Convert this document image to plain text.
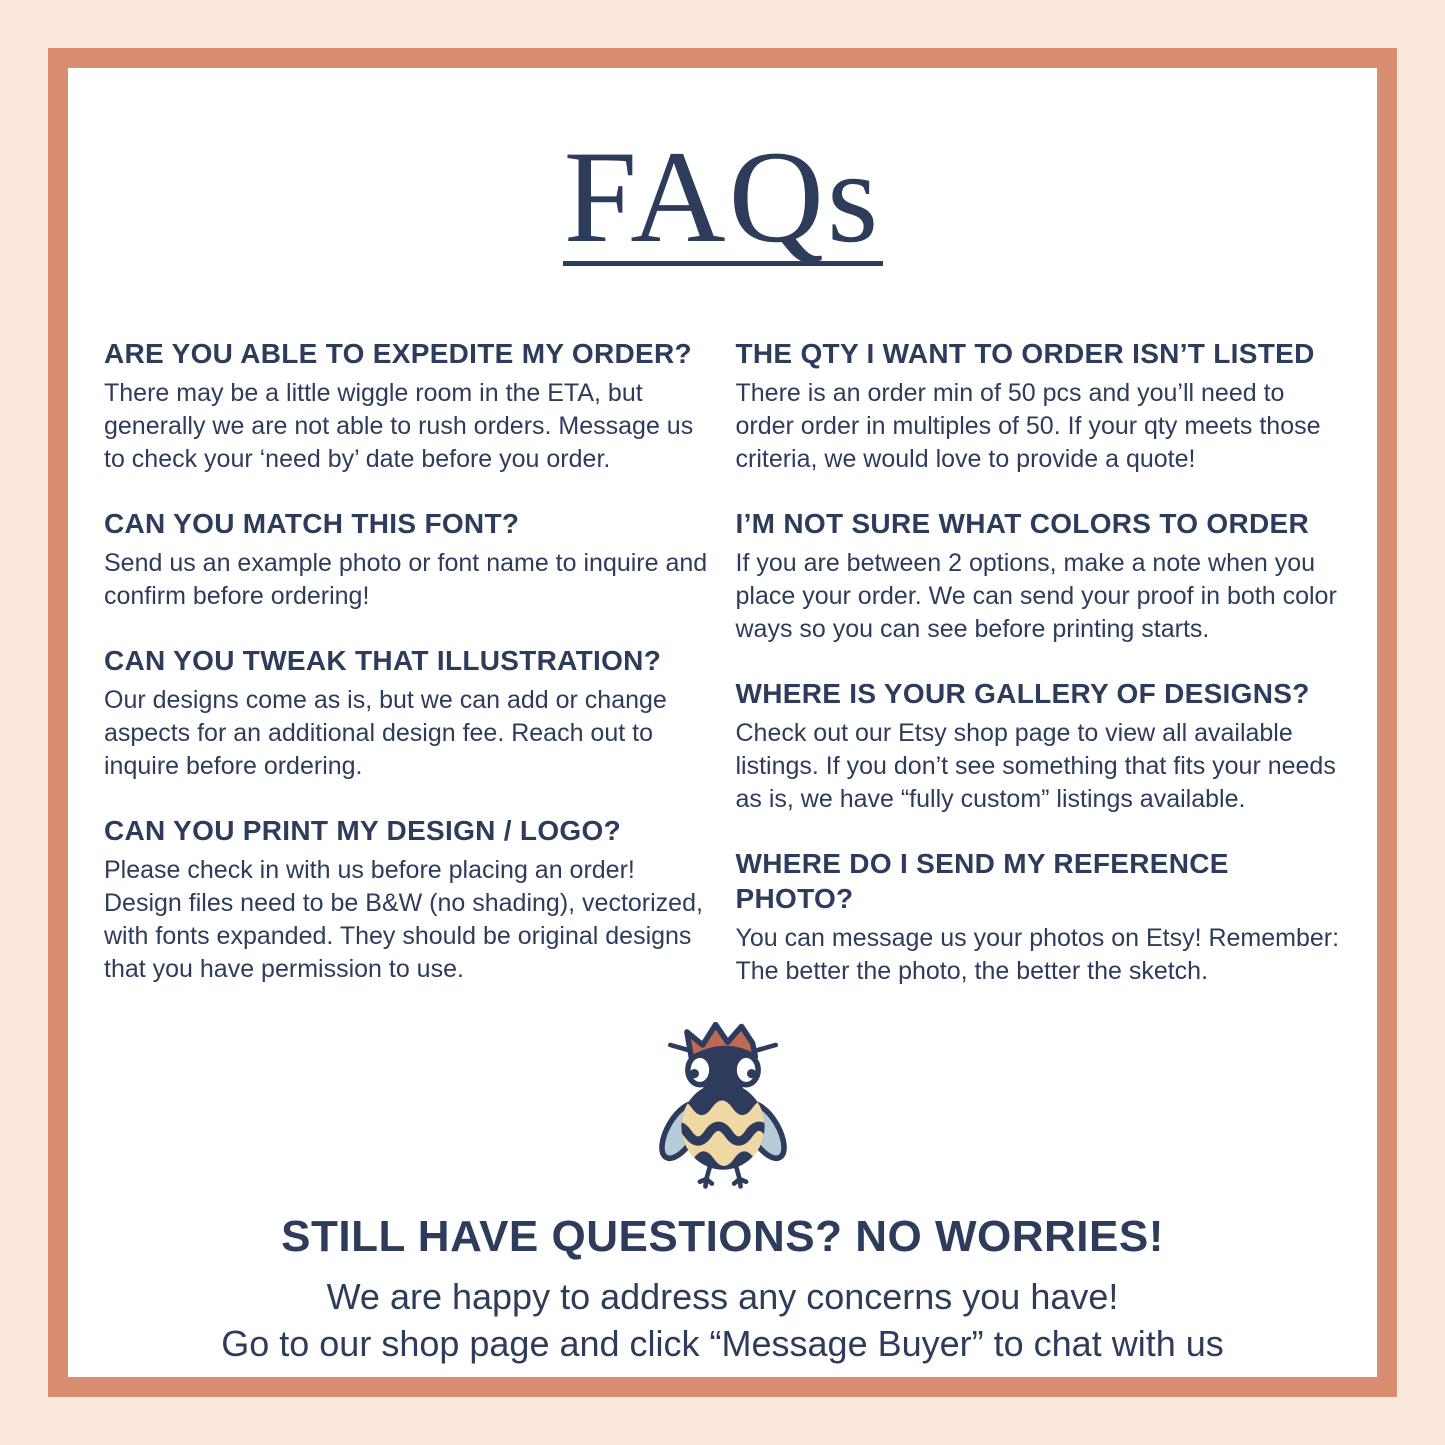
FAQs
ARE YOU ABLE TO EXPEDITE MY ORDER?

There may be a little wiggle room in the ETA, but generally we are not able to rush orders. Message us to check your ‘need by’ date before you order.

CAN YOU MATCH THIS FONT?

Send us an example photo or font name to inquire and confirm before ordering!

CAN YOU TWEAK THAT ILLUSTRATION?

Our designs come as is, but we can add or change aspects for an additional design fee. Reach out to inquire before ordering.

CAN YOU PRINT MY DESIGN / LOGO?

Please check in with us before placing an order! Design files need to be B&W (no shading), vectorized, with fonts expanded. They should be original designs that you have permission to use.

THE QTY I WANT TO ORDER ISN’T LISTED

There is an order min of 50 pcs and you’ll need to order order in multiples of 50. If your qty meets those criteria, we would love to provide a quote!

I’M NOT SURE WHAT COLORS TO ORDER

If you are between 2 options, make a note when you place your order. We can send your proof in both color ways so you can see before printing starts.

WHERE IS YOUR GALLERY OF DESIGNS?

Check out our Etsy shop page to view all available listings. If you don’t see something that fits your needs as is, we have “fully custom” listings available.

WHERE DO I SEND MY REFERENCE PHOTO?

You can message us your photos on Etsy! Remember: The better the photo, the better the sketch.

STILL HAVE QUESTIONS? NO WORRIES!

We are happy to address any concerns you have!

Go to our shop page and click “Message Buyer” to chat with us
